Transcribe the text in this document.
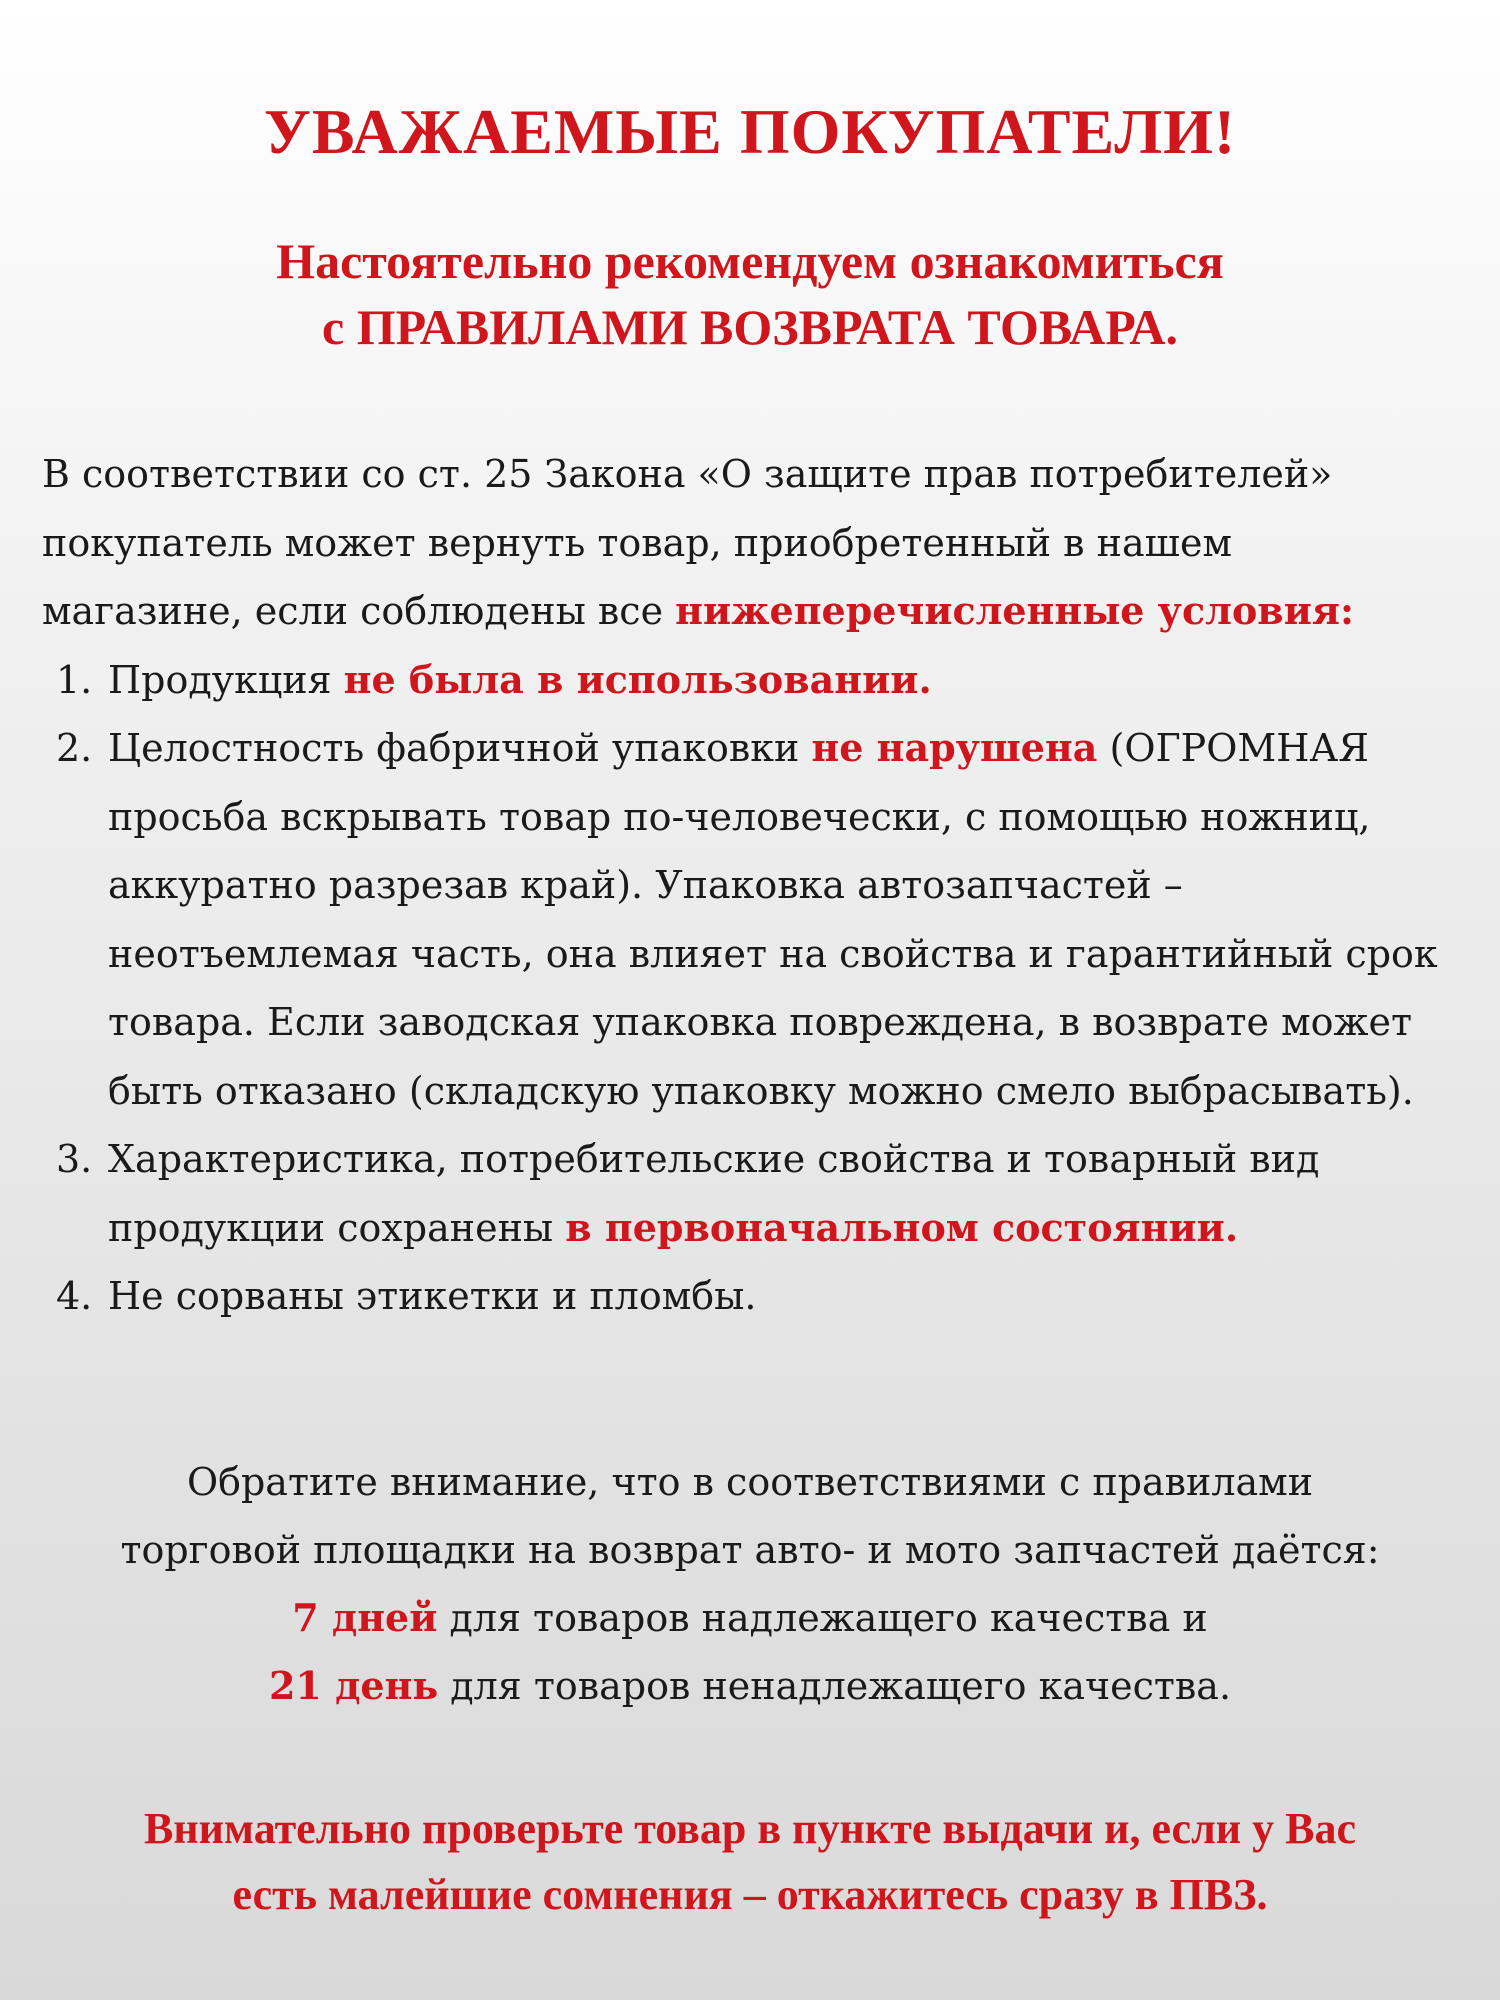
УВАЖАЕМЫЕ ПОКУПАТЕЛИ!
Настоятельно рекомендуем ознакомиться
с ПРАВИЛАМИ ВОЗВРАТА ТОВАРА.

В соответствии со ст. 25 Закона «О защите прав потребителей»

покупатель может вернуть товар, приобретенный в нашем

магазине, если соблюдены все нижеперечисленные условия:

1. Продукция не была в использовании.
2. Целостность фабричной упаковки не нарушена (ОГРОМНАЯ просьба вскрывать товар по-человечески, с помощью ножниц, аккуратно разрезав край). Упаковка автозапчастей – неотъемлемая часть, она влияет на свойства и гарантийный срок товара. Если заводская упаковка повреждена, в возврате может быть отказано (складскую упаковку можно смело выбрасывать).
3. Характеристика, потребительские свойства и товарный вид продукции сохранены в первоначальном состоянии.
4. Не сорваны этикетки и пломбы.
Обратите внимание, что в соответствиями с правилами
торговой площадки на возврат авто- и мото запчастей даётся:
7 дней для товаров надлежащего качества и
21 день для товаров ненадлежащего качества.
Внимательно проверьте товар в пункте выдачи и, если у Вас
есть малейшие сомнения – откажитесь сразу в ПВЗ.
